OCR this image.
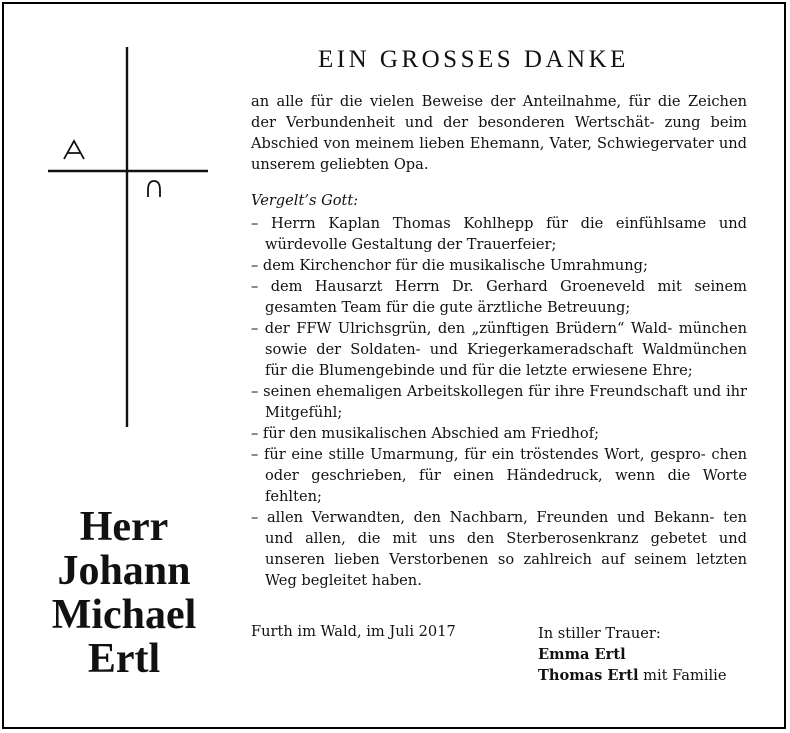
EIN GROSSES DANKE
an alle für die vielen Beweise der Anteilnahme, für die Zeichen der Verbundenheit und der besonderen Wertschät- zung beim Abschied von meinem lieben Ehemann, Vater, Schwiegervater und unserem geliebten Opa.
Vergelt’s Gott:
– Herrn Kaplan Thomas Kohlhepp für die einfühlsame und würdevolle Gestaltung der Trauerfeier;
– dem Kirchenchor für die musikalische Umrahmung;
– dem Hausarzt Herrn Dr. Gerhard Groeneveld mit seinem gesamten Team für die gute ärztliche Betreuung;
– der FFW Ulrichsgrün, den „zünftigen Brüdern“ Wald- münchen sowie der Soldaten- und Kriegerkameradschaft Waldmünchen für die Blumengebinde und für die letzte erwiesene Ehre;
– seinen ehemaligen Arbeitskollegen für ihre Freundschaft und ihr Mitgefühl;
– für den musikalischen Abschied am Friedhof;
– für eine stille Umarmung, für ein tröstendes Wort, gespro- chen oder geschrieben, für einen Händedruck, wenn die Worte fehlten;
– allen Verwandten, den Nachbarn, Freunden und Bekann- ten und allen, die mit uns den Sterberosenkranz gebetet und unseren lieben Verstorbenen so zahlreich auf seinem letzten Weg begleitet haben.
Furth im Wald, im Juli 2017	In stiller Trauer:
Emma Ertl
Thomas Ertl mit Familie
Herr
Johann
Michael
Ertl
